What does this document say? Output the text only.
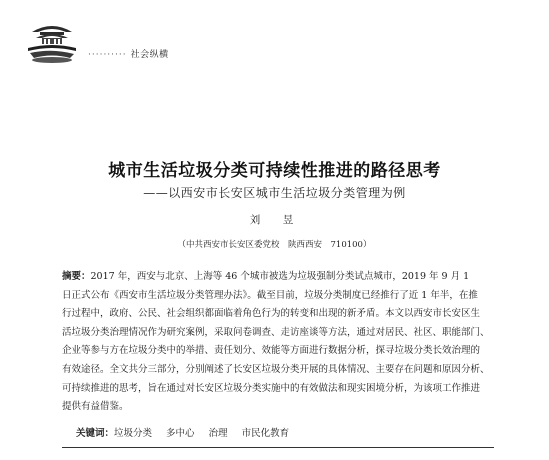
·········· 社会纵横
城市生活垃圾分类可持续性推进的路径思考
——以西安市长安区城市生活垃圾分类管理为例
刘　昱
（中共西安市长安区委党校　陕西西安　710100）
摘要：2017 年，西安与北京、上海等 46 个城市被选为垃圾强制分类试点城市，2019 年 9 月 1
日正式公布《西安市生活垃圾分类管理办法》。截至目前，垃圾分类制度已经推行了近 1 年半，在推
行过程中，政府、公民、社会组织都面临着角色行为的转变和出现的新矛盾。本文以西安市长安区生
活垃圾分类治理情况作为研究案例，采取问卷调查、走访座谈等方法，通过对居民、社区、职能部门、
企业等参与方在垃圾分类中的举措、责任划分、效能等方面进行数据分析，探寻垃圾分类长效治理的
有效途径。全文共分三部分，分别阐述了长安区垃圾分类开展的具体情况、主要存在问题和原因分析、
可持续推进的思考，旨在通过对长安区垃圾分类实施中的有效做法和现实困境分析，为该项工作推进
提供有益借鉴。
关键词：垃圾分类 多中心 治理 市民化教育
